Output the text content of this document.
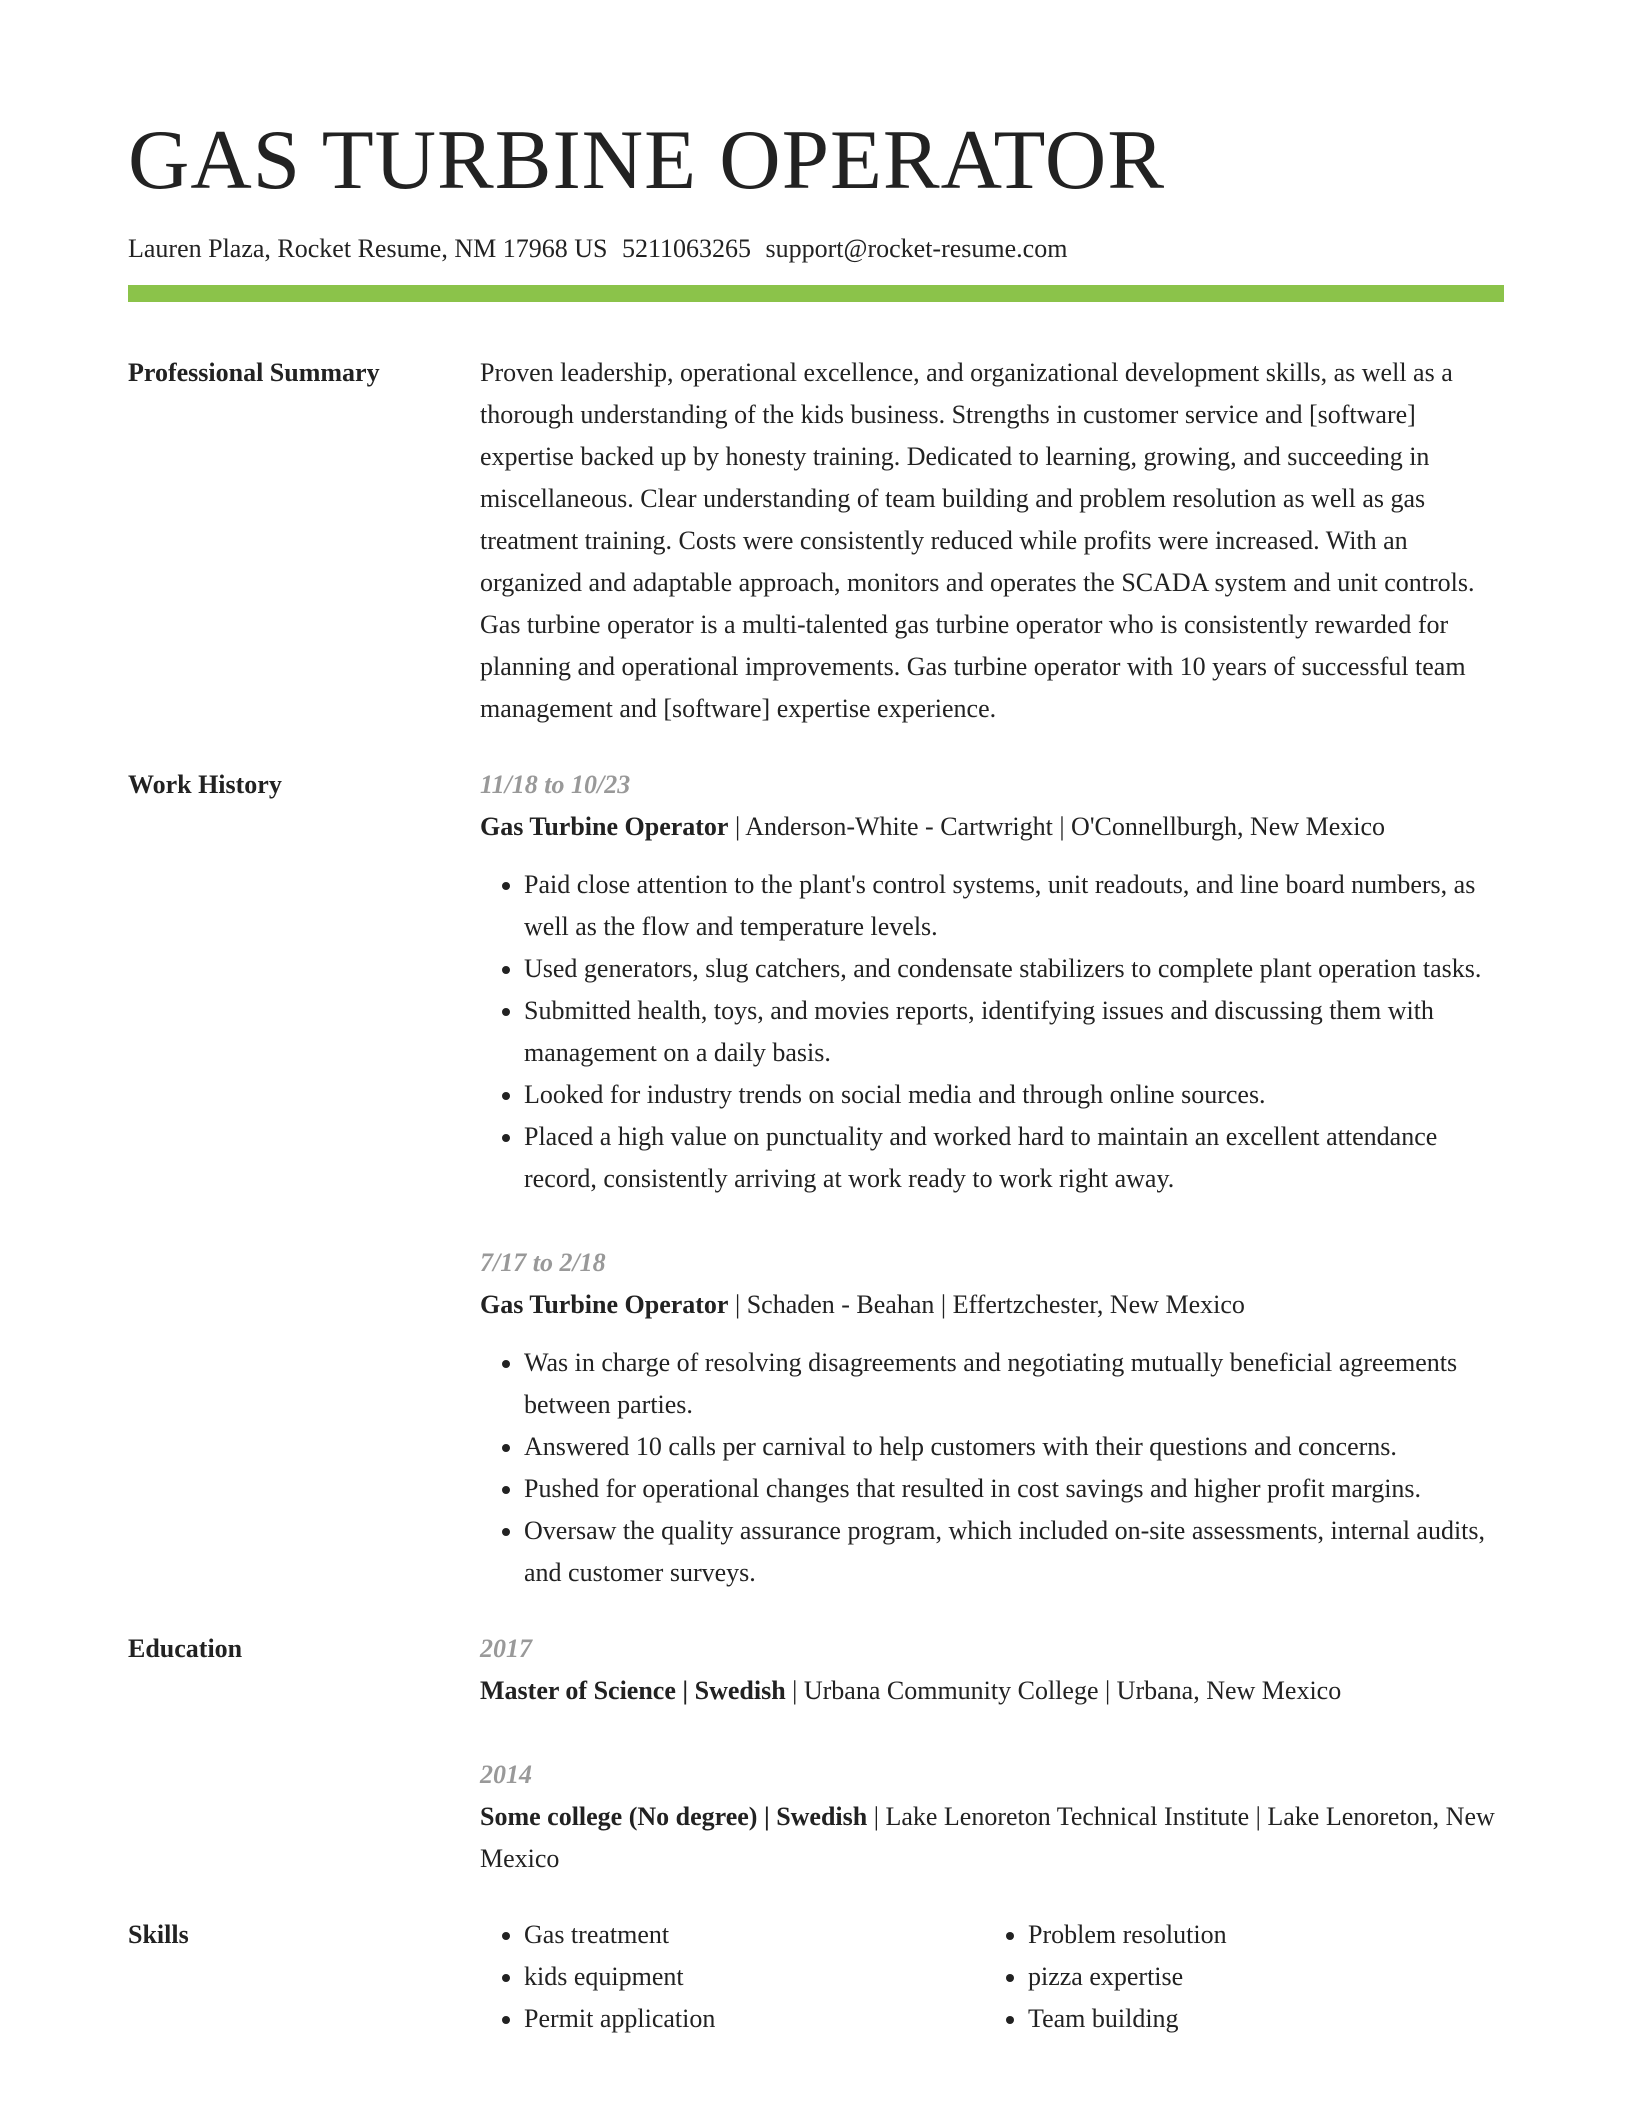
GAS TURBINE OPERATOR
Lauren Plaza, Rocket Resume, NM 17968 US 5211063265 support@rocket-resume.com
Professional Summary	Proven leadership, operational excellence, and organizational development skills, as well as a thorough understanding of the kids business. Strengths in customer service and [software] expertise backed up by honesty training. Dedicated to learning, growing, and succeeding in miscellaneous. Clear understanding of team building and problem resolution as well as gas treatment training. Costs were consistently reduced while profits were increased. With an organized and adaptable approach, monitors and operates the SCADA system and unit controls. Gas turbine operator is a multi-talented gas turbine operator who is consistently rewarded for planning and operational improvements. Gas turbine operator with 10 years of successful team management and [software] expertise experience.

Work History	11/18 to 10/23
Gas Turbine Operator | Anderson-White - Cartwright | O'Connellburgh, New Mexico
• Paid close attention to the plant's control systems, unit readouts, and line board numbers, as well as the flow and temperature levels.
• Used generators, slug catchers, and condensate stabilizers to complete plant operation tasks.
• Submitted health, toys, and movies reports, identifying issues and discussing them with management on a daily basis.
• Looked for industry trends on social media and through online sources.
• Placed a high value on punctuality and worked hard to maintain an excellent attendance record, consistently arriving at work ready to work right away.
7/17 to 2/18
Gas Turbine Operator | Schaden - Beahan | Effertzchester, New Mexico
• Was in charge of resolving disagreements and negotiating mutually beneficial agreements between parties.
• Answered 10 calls per carnival to help customers with their questions and concerns.
• Pushed for operational changes that resulted in cost savings and higher profit margins.
• Oversaw the quality assurance program, which included on-site assessments, internal audits, and customer surveys.
Education	2017
Master of Science | Swedish | Urbana Community College | Urbana, New Mexico
2014
Some college (No degree) | Swedish | Lake Lenoreton Technical Institute | Lake Lenoreton, New Mexico
Skills
•	Gas treatment
• kids equipment
• Permit application
• Problem resolution
• pizza expertise
• Team building
